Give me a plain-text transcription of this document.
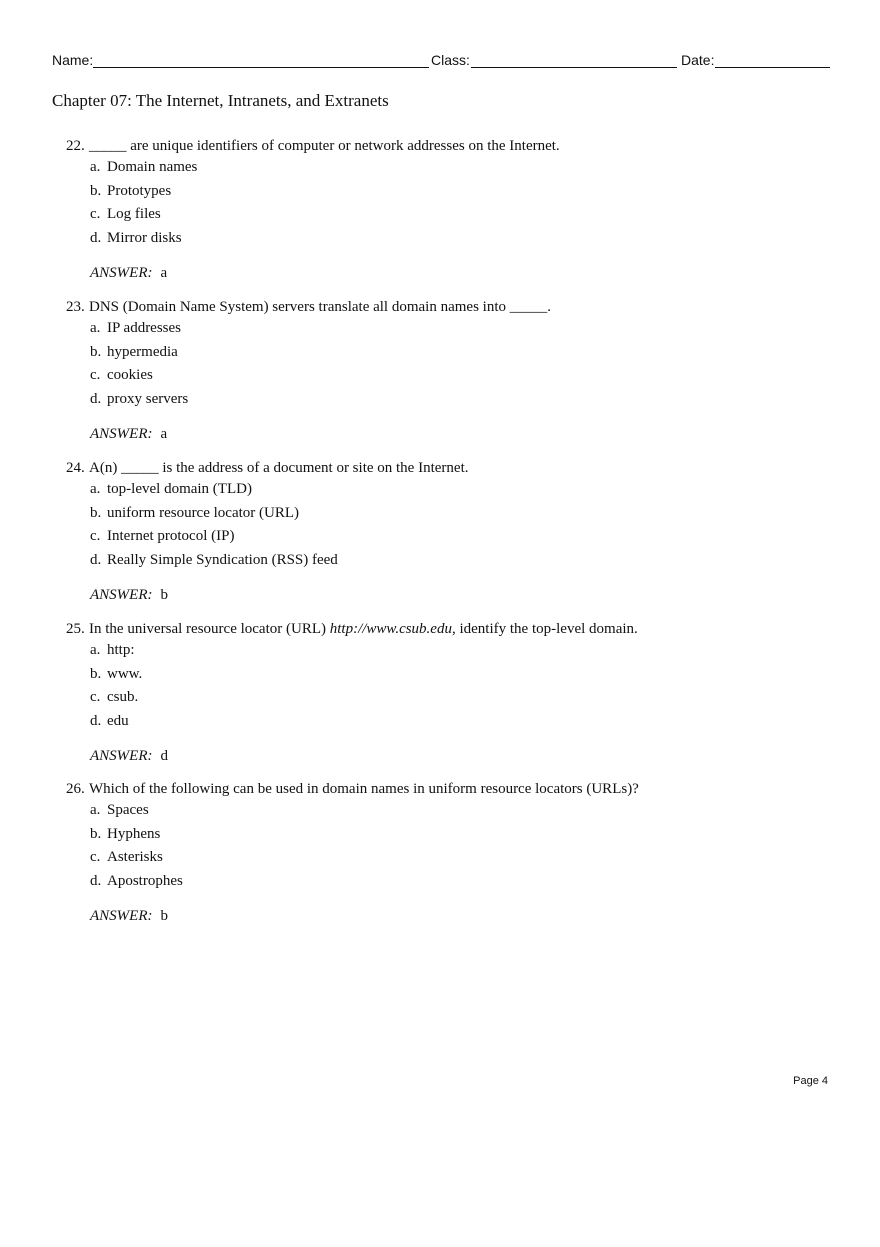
Name:	Class:	Date:
Chapter 07: The Internet, Intranets, and Extranets
22. _____ are unique identifiers of computer or network addresses on the Internet.
a. Domain names
b. Prototypes
c. Log files
d. Mirror disks
ANSWER: a
23. DNS (Domain Name System) servers translate all domain names into _____.
a. IP addresses
b. hypermedia
c. cookies
d. proxy servers
ANSWER: a
24. A(n) _____ is the address of a document or site on the Internet.
a. top-level domain (TLD)
b. uniform resource locator (URL)
c. Internet protocol (IP)
d. Really Simple Syndication (RSS) feed
ANSWER: b
25. In the universal resource locator (URL) http://www.csub.edu, identify the top-level domain.
a. http:
b. www.
c. csub.
d. edu
ANSWER: d
26. Which of the following can be used in domain names in uniform resource locators (URLs)?
a. Spaces
b. Hyphens
c. Asterisks
d. Apostrophes
ANSWER: b
Page 4
